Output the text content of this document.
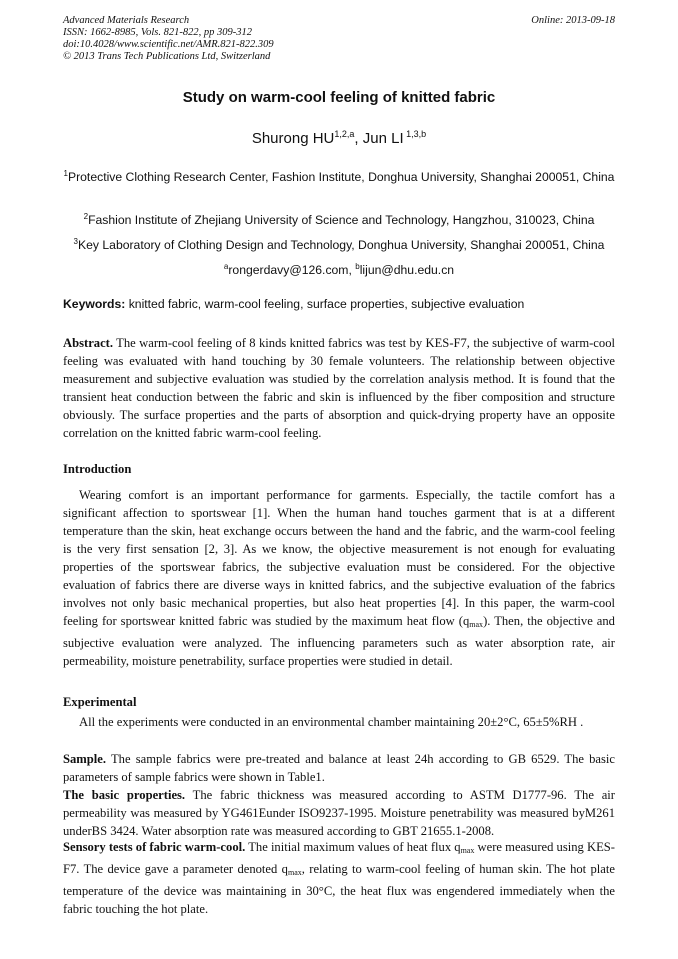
Advanced Materials Research
ISSN: 1662-8985, Vols. 821-822, pp 309-312
doi:10.4028/www.scientific.net/AMR.821-822.309
© 2013 Trans Tech Publications Ltd, Switzerland
Online: 2013-09-18
Study on warm-cool feeling of knitted fabric
Shurong HU$^{1,2,a}$, Jun LI $^{1,3,b}$
$^1$Protective Clothing Research Center, Fashion Institute, Donghua University, Shanghai 200051, China
$^2$Fashion Institute of Zhejiang University of Science and Technology, Hangzhou, 310023, China
$^3$Key Laboratory of Clothing Design and Technology, Donghua University, Shanghai 200051, China
$^a$rongerdavy@126.com, $^b$lijun@dhu.edu.cn
Keywords: knitted fabric, warm-cool feeling, surface properties, subjective evaluation
Abstract. The warm-cool feeling of 8 kinds knitted fabrics was test by KES-F7, the subjective of warm-cool feeling was evaluated with hand touching by 30 female volunteers. The relationship between objective measurement and subjective evaluation was studied by the correlation analysis method. It is found that the transient heat conduction between the fabric and skin is influenced by the fiber composition and structure obviously. The surface properties and the parts of absorption and quick-drying property have an opposite correlation on the knitted fabric warm-cool feeling.
Introduction
Wearing comfort is an important performance for garments. Especially, the tactile comfort has a significant affection to sportswear [1]. When the human hand touches garment that is at a different temperature than the skin, heat exchange occurs between the hand and the fabric, and the warm-cool feeling is the very first sensation [2, 3]. As we know, the objective measurement is not enough for evaluating properties of the sportswear fabrics, the subjective evaluation must be considered. For the objective evaluation of fabrics there are diverse ways in knitted fabrics, and the subjective evaluation of the fabrics involves not only basic mechanical properties, but also heat properties [4]. In this paper, the warm-cool feeling for sportswear knitted fabric was studied by the maximum heat flow $(q_{max})$. Then, the objective and subjective evaluation were analyzed. The influencing parameters such as water absorption rate, air permeability, moisture penetrability, surface properties were studied in detail.
Experimental
All the experiments were conducted in an environmental chamber maintaining 20±2°C, 65±5%RH .
Sample. The sample fabrics were pre-treated and balance at least 24h according to GB 6529. The basic parameters of sample fabrics were shown in Table1.
The basic properties. The fabric thickness was measured according to ASTM D1777-96. The air permeability was measured by YG461Eunder ISO9237-1995. Moisture penetrability was measured byM261 underBS 3424. Water absorption rate was measured according to GBT 21655.1-2008.
Sensory tests of fabric warm-cool. The initial maximum values of heat flux $q_{max}$ were measured using KES-F7. The device gave a parameter denoted $q_{max}$, relating to warm-cool feeling of human skin. The hot plate temperature of the device was maintaining in 30°C, the heat flux was engendered immediately when the fabric touching the hot plate.
